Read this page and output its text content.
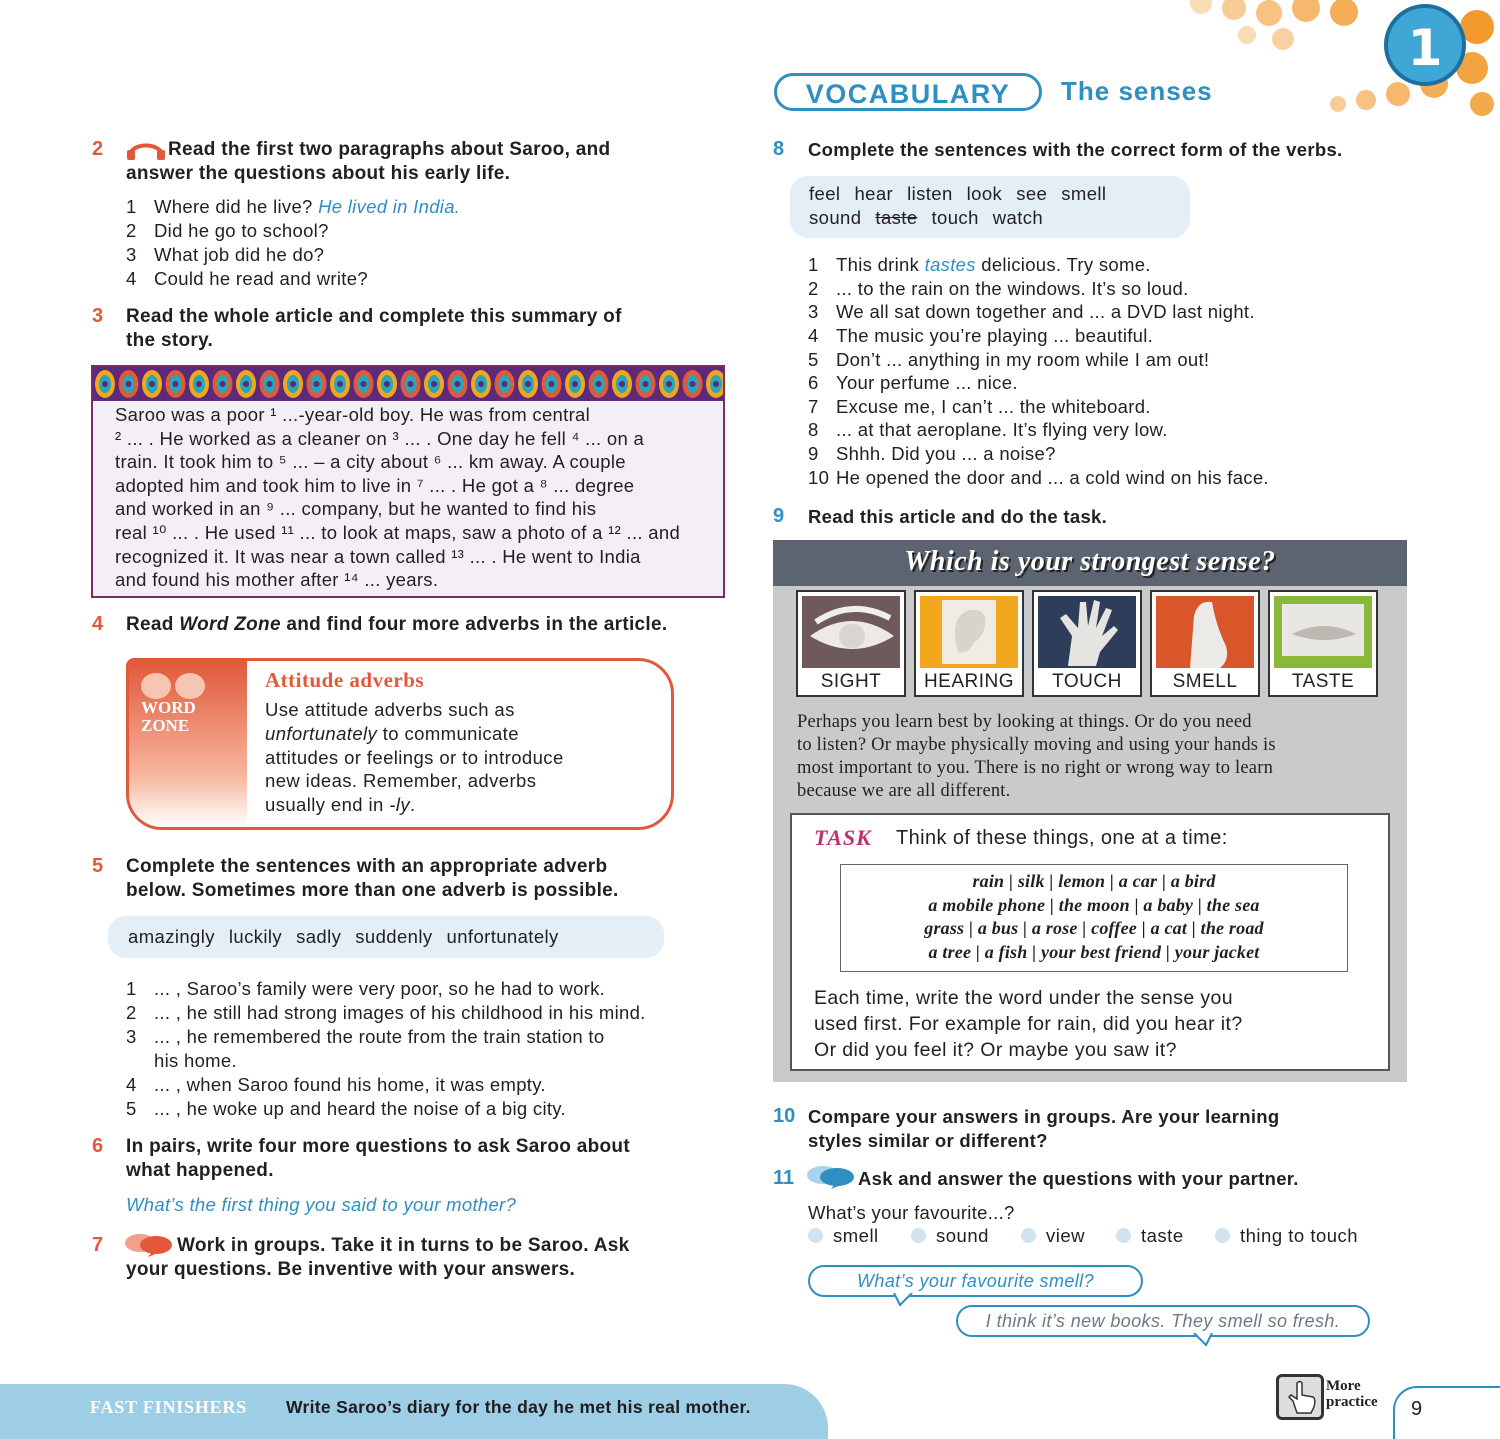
1
VOCABULARY	The senses
2	Read the first two paragraphs about Saroo, and
answer the questions about his early life.
1 Where did he live? He lived in India.
2 Did he go to school?
3 What job did he do?
4 Could he read and write?
3 Read the whole article and complete this summary of
the story.
Saroo was a poor ¹ ...-year-old boy. He was from central
² ... . He worked as a cleaner on ³ ... . One day he fell ⁴ ... on a
train. It took him to ⁵ ... – a city about ⁶ ... km away. A couple
adopted him and took him to live in ⁷ ... . He got a ⁸ ... degree
and worked in an ⁹ ... company, but he wanted to find his
real ¹⁰ ... . He used ¹¹ ... to look at maps, saw a photo of a ¹² ... and
recognized it. It was near a town called ¹³ ... . He went to India
and found his mother after ¹⁴ ... years.
4 Read Word Zone and find four more adverbs in the article.
WORD
ZONE
Attitude adverbs
Use attitude adverbs such as
unfortunately to communicate
attitudes or feelings or to introduce
new ideas. Remember, adverbs
usually end in -ly.
5 Complete the sentences with an appropriate adverb
below. Sometimes more than one adverb is possible.
amazingly luckily sadly suddenly unfortunately
1 ... , Saroo’s family were very poor, so he had to work.
2 ... , he still had strong images of his childhood in his mind.
3 ... , he remembered the route from the train station to
his home.
4 ... , when Saroo found his home, it was empty.
5 ... , he woke up and heard the noise of a big city.
6 In pairs, write four more questions to ask Saroo about
what happened.
What’s the first thing you said to your mother?
7	Work in groups. Take it in turns to be Saroo. Ask
your questions. Be inventive with your answers.
8 Complete the sentences with the correct form of the verbs.
feel hear listen look see smell
sound taste touch watch
1 This drink tastes delicious. Try some.
2 ... to the rain on the windows. It’s so loud.
3 We all sat down together and ... a DVD last night.
4 The music you’re playing ... beautiful.
5 Don’t ... anything in my room while I am out!
6 Your perfume ... nice.
7 Excuse me, I can’t ... the whiteboard.
8 ... at that aeroplane. It’s flying very low.
9 Shhh. Did you ... a noise?
10 He opened the door and ... a cold wind on his face.
9 Read this article and do the task.
Which is your strongest sense?
SIGHT	HEARING	TOUCH	SMELL	TASTE
Perhaps you learn best by looking at things. Or do you need
to listen? Or maybe physically moving and using your hands is
most important to you. There is no right or wrong way to learn
because we are all different.
TASK Think of these things, one at a time:
rain | silk | lemon | a car | a bird
a mobile phone | the moon | a baby | the sea
grass | a bus | a rose | coffee | a cat | the road
a tree | a fish | your best friend | your jacket
Each time, write the word under the sense you
used first. For example for rain, did you hear it?
Or did you feel it? Or maybe you saw it?
10 Compare your answers in groups. Are your learning
styles similar or different?
11	Ask and answer the questions with your partner.
What’s your favourite...?
smell	sound	view	taste	thing to touch
What’s your favourite smell?
I think it’s new books. They smell so fresh.
FAST FINISHERS Write Saroo’s diary for the day he met his real mother.
More
practice 9
